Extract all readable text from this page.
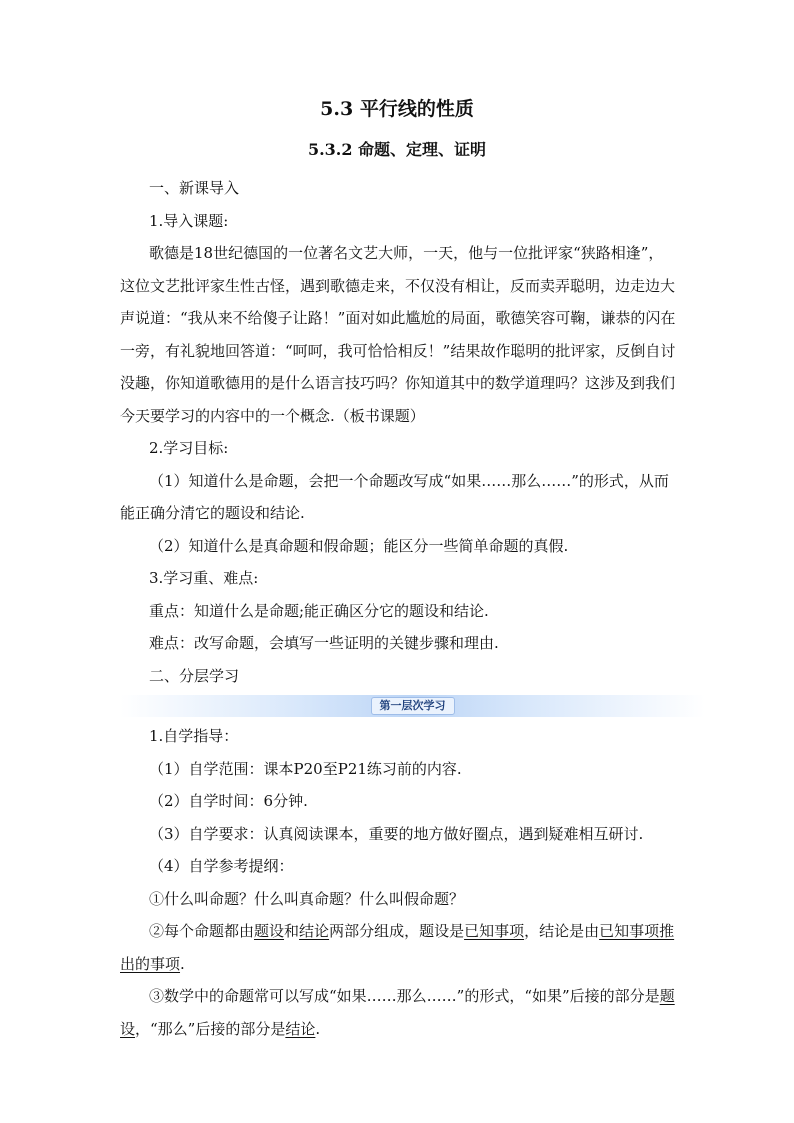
5.3 平行线的性质
5.3.2 命题、定理、证明

一、新课导入

1.导入课题:

歌德是18世纪德国的一位著名文艺大师，一天，他与一位批评家“狭路相逢”，这位文艺批评家生性古怪，遇到歌德走来，不仅没有相让，反而卖弄聪明，边走边大声说道：“我从来不给傻子让路！”面对如此尴尬的局面，歌德笑容可鞠，谦恭的闪在一旁，有礼貌地回答道：“呵呵，我可恰恰相反！”结果故作聪明的批评家，反倒自讨没趣，你知道歌德用的是什么语言技巧吗？你知道其中的数学道理吗？这涉及到我们今天要学习的内容中的一个概念.（板书课题）

2.学习目标:

（1）知道什么是命题，会把一个命题改写成“如果……那么……”的形式，从而能正确分清它的题设和结论.

（2）知道什么是真命题和假命题；能区分一些简单命题的真假.

3.学习重、难点:

重点：知道什么是命题;能正确区分它的题设和结论.

难点：改写命题，会填写一些证明的关键步骤和理由.

二、分层学习

第一层次学习

1.自学指导：

（1）自学范围：课本P20至P21练习前的内容.

（2）自学时间：6分钟.

（3）自学要求：认真阅读课本，重要的地方做好圈点，遇到疑难相互研讨.

（4）自学参考提纲：

①什么叫命题？什么叫真命题？什么叫假命题？

②每个命题都由题设和结论两部分组成，题设是已知事项，结论是由已知事项推出的事项.

③数学中的命题常可以写成“如果……那么……”的形式，“如果”后接的部分是题设，“那么”后接的部分是结论.
